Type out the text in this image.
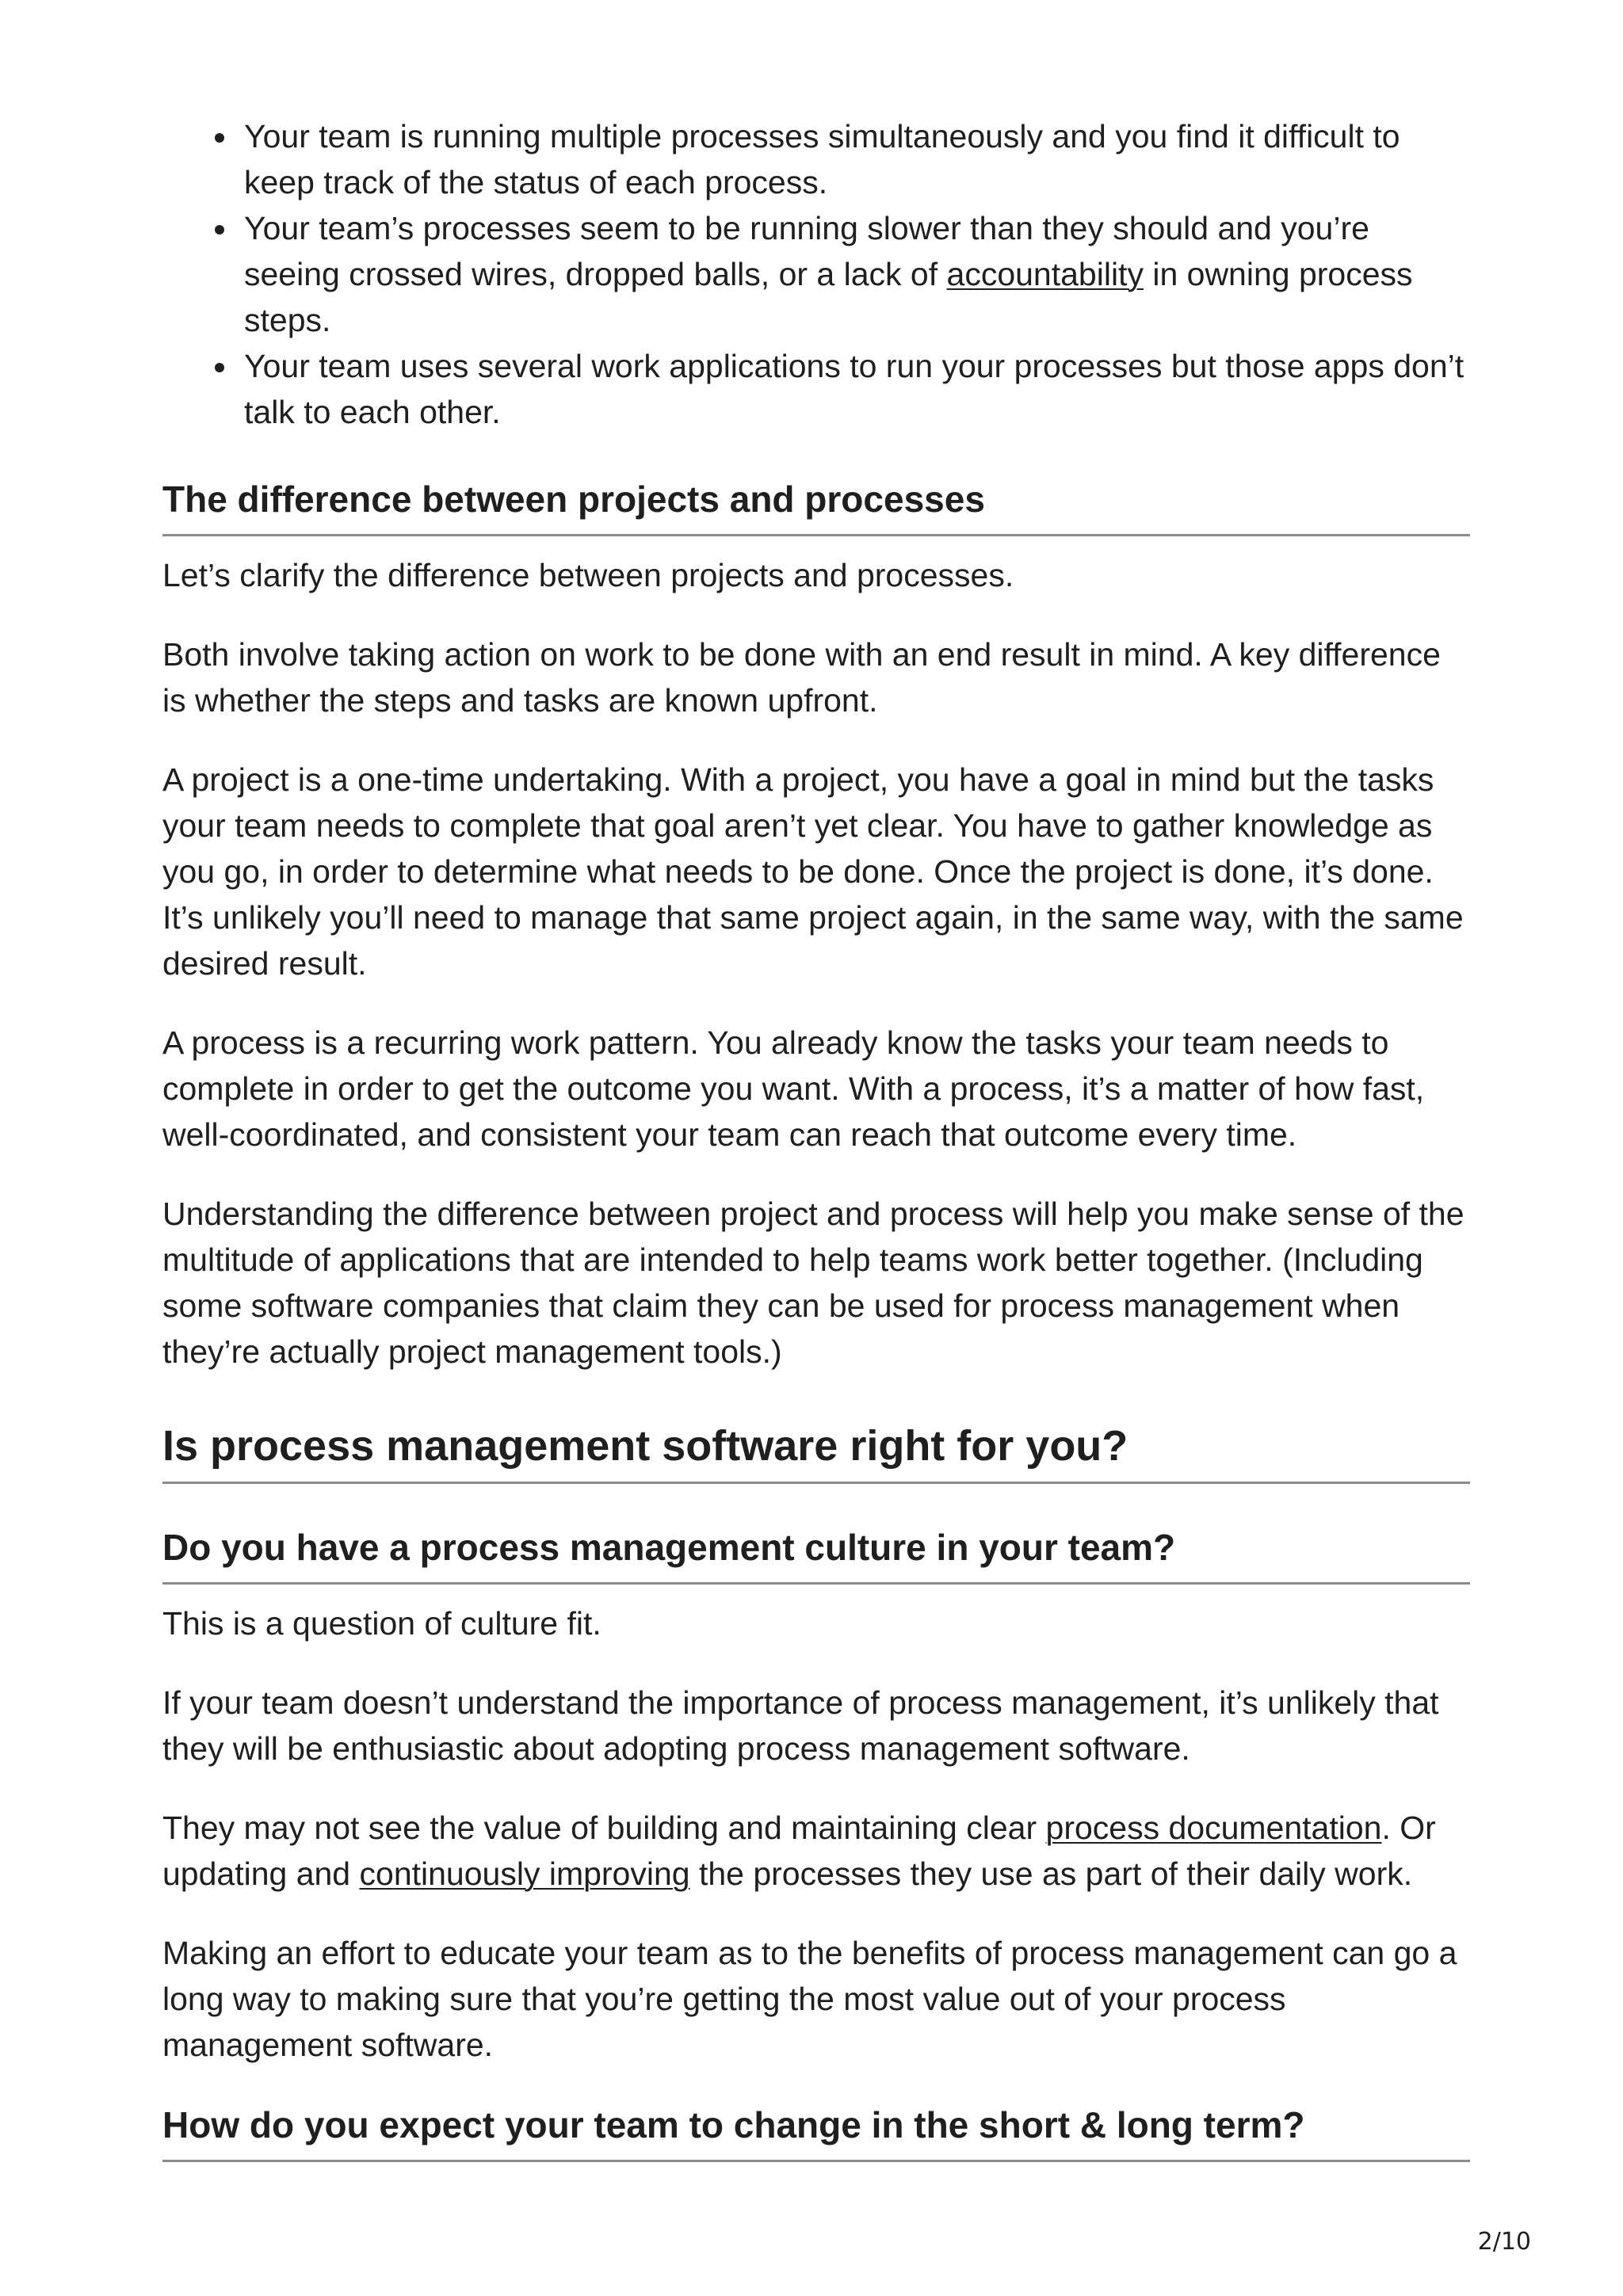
Your team is running multiple processes simultaneously and you find it difficult to keep track of the status of each process.
Your team’s processes seem to be running slower than they should and you’re seeing crossed wires, dropped balls, or a lack of accountability in owning process steps.
Your team uses several work applications to run your processes but those apps don’t talk to each other.
The difference between projects and processes

Let’s clarify the difference between projects and processes.

Both involve taking action on work to be done with an end result in mind. A key difference is whether the steps and tasks are known upfront.

A project is a one-time undertaking. With a project, you have a goal in mind but the tasks your team needs to complete that goal aren’t yet clear. You have to gather knowledge as you go, in order to determine what needs to be done. Once the project is done, it’s done. It’s unlikely you’ll need to manage that same project again, in the same way, with the same desired result.

A process is a recurring work pattern. You already know the tasks your team needs to complete in order to get the outcome you want. With a process, it’s a matter of how fast, well-coordinated, and consistent your team can reach that outcome every time.

Understanding the difference between project and process will help you make sense of the multitude of applications that are intended to help teams work better together. (Including some software companies that claim they can be used for process management when they’re actually project management tools.)

Is process management software right for you?
Do you have a process management culture in your team?

This is a question of culture fit.

If your team doesn’t understand the importance of process management, it’s unlikely that they will be enthusiastic about adopting process management software.

They may not see the value of building and maintaining clear process documentation. Or updating and continuously improving the processes they use as part of their daily work.

Making an effort to educate your team as to the benefits of process management can go a long way to making sure that you’re getting the most value out of your process management software.

How do you expect your team to change in the short & long term?
2/10
